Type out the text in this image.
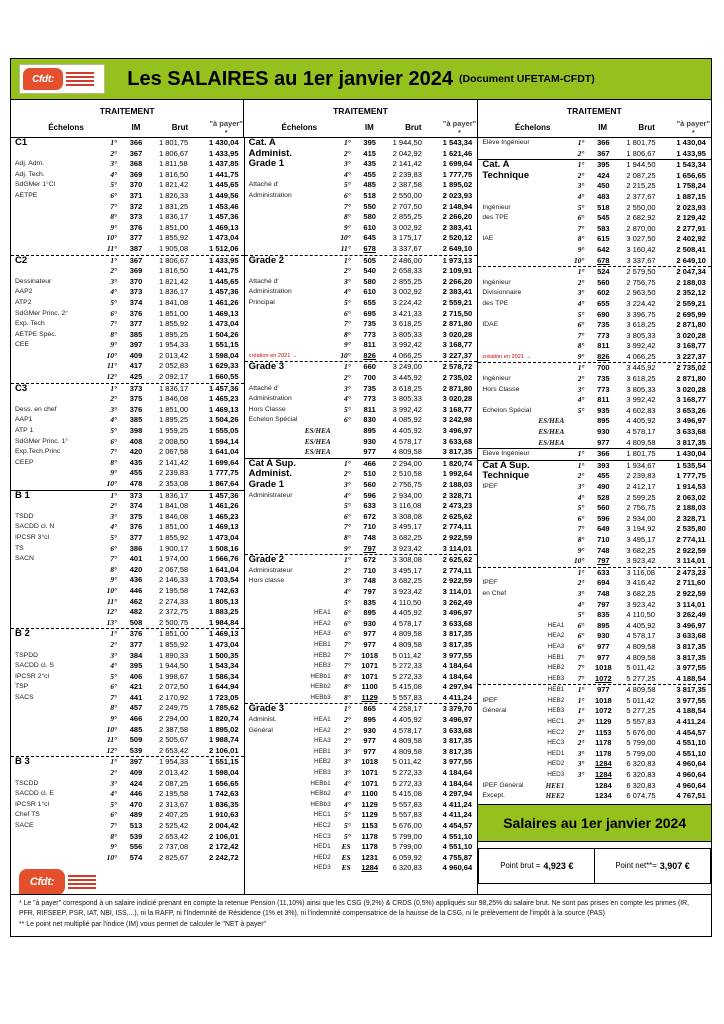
Cfdt:	Les SALAIRES au 1er janvier 2024 (Document UFETAM-CFDT)
TRAITEMENT
Échelons	IM	Brut	"à payer" *
TRAITEMENT
Échelons	IM	Brut	"à payer" *
TRAITEMENT
Échelons	IM	Brut	"à payer" *
C1	1°	366	1 801,75	1 430,04
2°	367	1 806,67	1 433,95
Adj. Adm.	3°	368	1 811,58	1 437,85
Adj. Tech.	4°	369	1 816,50	1 441,75
SdGMer 1°Cl	5°	370	1 821,42	1 445,65
AETPE	6°	371	1 826,33	1 449,56
7°	372	1 831,25	1 453,46
8°	373	1 836,17	1 457,36
9°	376	1 851,00	1 469,13
10°	377	1 855,92	1 473,04
11°	387	1 905,08	1 512,06
C2	1°	367	1 806,67	1 433,95
2°	369	1 816,50	1 441,75
Dessinateur	3°	370	1 821,42	1 445,65
AAP2	4°	373	1 836,17	1 457,36
ATP2	5°	374	1 841,08	1 461,26
SdGMer Princ. 2°	6°	376	1 851,00	1 469,13
Exp. Tech	7°	377	1 855,92	1 473,04
AETPE Spéc.	8°	385	1 895,25	1 504,26
CEE	9°	397	1 954,33	1 551,15
10°	409	2 013,42	1 598,04
11°	417	2 052,83	1 629,33
12°	425	2 092,17	1 660,55
C3	1°	373	1 836,17	1 457,36
2°	375	1 846,08	1 465,23
Dess. en chef	3°	376	1 851,00	1 469,13
AAP1	4°	385	1 895,25	1 504,26
ATP 1	5°	398	1 959,25	1 555,05
SdGMer Princ. 1°	6°	408	2 008,50	1 594,14
Exp.Tech.Princ	7°	420	2 067,58	1 641,04
CEEP	8°	435	2 141,42	1 699,64
9°	455	2 239,83	1 777,75
10°	478	2 353,08	1 867,64
B 1	1°	373	1 836,17	1 457,36
2°	374	1 841,08	1 461,26
TSDD	3°	375	1 846,08	1 465,23
SACDD cl. N	4°	376	1 851,00	1 469,13
IPCSR 3°cl	5°	377	1 855,92	1 473,04
TS	6°	386	1 900,17	1 508,16
SACN	7°	401	1 974,00	1 566,76
8°	420	2 067,58	1 641,04
9°	436	2 146,33	1 703,54
10°	446	2 195,58	1 742,63
11°	462	2 274,33	1 805,13
12°	482	2 372,75	1 883,25
13°	508	2 500,75	1 984,84
B 2	1°	376	1 851,00	1 469,13
2°	377	1 855,92	1 473,04
TSPDD	3°	384	1 890,33	1 500,35
SACDD cl. S	4°	395	1 944,50	1 543,34
IPCSR 2°cl	5°	406	1 998,67	1 586,34
TSP	6°	421	2 072,50	1 644,94
SACS	7°	441	2 170,92	1 723,05
8°	457	2 249,75	1 785,62
9°	466	2 294,00	1 820,74
10°	485	2 387,58	1 895,02
11°	509	2 505,67	1 988,74
12°	539	2 653,42	2 106,01
B 3	1°	397	1 954,33	1 551,15
2°	409	2 013,42	1 598,04
TSCDD	3°	424	2 087,25	1 656,65
SACDD cl. E	4°	446	2 195,58	1 742,63
IPCSR 1°cl	5°	470	2 313,67	1 836,35
Chef TS	6°	489	2 407,25	1 910,63
SACE	7°	513	2 525,42	2 004,42
8°	539	2 653,42	2 106,01
9°	556	2 737,08	2 172,42
10°	574	2 825,67	2 242,72
Cfdt:
Cat. A	1°	395	1 944,50	1 543,34
Administ.	2°	415	2 042,92	1 621,46
Grade 1	3°	435	2 141,42	1 699,64
4°	455	2 239,83	1 777,75
Attaché d'	5°	485	2 387,58	1 895,02
Administration	6°	518	2 550,00	2 023,93
7°	550	2 707,50	2 148,94
8°	580	2 855,25	2 266,20
9°	610	3 002,92	2 383,41
10°	645	3 175,17	2 520,12
11°	678	3 337,67	2 649,10
Grade 2	1°	505	2 486,00	1 973,13
2°	540	2 658,33	2 109,91
Attaché d'	3°	580	2 855,25	2 266,20
Administration	4°	610	3 002,92	2 383,41
Principal	5°	655	3 224,42	2 559,21
6°	695	3 421,33	2 715,50
7°	735	3 618,25	2 871,80
8°	773	3 805,33	3 020,28
9°	811	3 992,42	3 168,77
création en 2021 →	10°	826	4 066,25	3 227,37
Grade 3	1°	660	3 249,00	2 578,72
2°	700	3 445,92	2 735,02
Attaché d'	3°	735	3 618,25	2 871,80
Administration	4°	773	3 805,33	3 020,28
Hors Classe	5°	811	3 992,42	3 168,77
Echelon Spécial	6°	830	4 085,92	3 242,98
ES/HEA	895	4 405,92	3 496,97
ES/HEA	930	4 578,17	3 633,68
ES/HEA	977	4 809,58	3 817,35
Cat A Sup.	1°	466	2 294,00	1 820,74
Administ.	2°	510	2 510,58	1 992,64
Grade 1	3°	560	2 756,75	2 188,03
Administrateur	4°	596	2 934,00	2 328,71
5°	633	3 116,08	2 473,23
6°	672	3 308,08	2 625,62
7°	710	3 495,17	2 774,11
8°	748	3 682,25	2 922,59
9°	797	3 923,42	3 114,01
Grade 2	1°	672	3 308,08	2 625,62
Administrateur	2°	710	3 495,17	2 774,11
Hors classe	3°	748	3 682,25	2 922,59
4°	797	3 923,42	3 114,01
5°	835	4 110,50	3 262,49
HEA1	6°	895	4 405,92	3 496,97
HEA2	6°	930	4 578,17	3 633,68
HEA3	6°	977	4 809,58	3 817,35
HEB1	7°	977	4 809,58	3 817,35
HEB2	7°	1018	5 011,42	3 977,55
HEB3	7°	1071	5 272,33	4 184,64
HEBb1	8°	1071	5 272,33	4 184,64
HEBb2	8°	1100	5 415,08	4 297,94
HEBb3	8°	1129	5 557,83	4 411,24
Grade 3	1°	865	4 258,17	3 379,70
Administ.	HEA1	2°	895	4 405,92	3 496,97
Général	HEA2	2°	930	4 578,17	3 633,68
HEA3	2°	977	4 809,58	3 817,35
HEB1	3°	977	4 809,58	3 817,35
HEB2	3°	1018	5 011,42	3 977,55
HEB3	3°	1071	5 272,33	4 184,64
HEBb1	4°	1071	5 272,33	4 184,64
HEBb2	4°	1100	5 415,08	4 297,94
HEBb3	4°	1129	5 557,83	4 411,24
HEC1	5°	1129	5 557,83	4 411,24
HEC2	5°	1153	5 676,00	4 454,57
HEC3	5°	1178	5 799,00	4 551,10
HED1	ES	1178	5 799,00	4 551,10
HED2	ES	1231	6 059,92	4 755,87
HED3	ES	1284	6 320,83	4 960,64
Elève Ingénieur	1°	366	1 801,75	1 430,04
2°	367	1 806,67	1 433,95
Cat. A	1°	395	1 944,50	1 543,34
Technique	2°	424	2 087,25	1 656,65
3°	450	2 215,25	1 758,24
4°	483	2 377,67	1 887,15
Ingénieur	5°	518	2 550,00	2 023,93
des TPE	6°	545	2 682,92	2 129,42
7°	583	2 870,00	2 277,91
IAE	8°	615	3 027,50	2 402,92
9°	642	3 160,42	2 508,41
10°	678	3 337,67	2 649,10
1°	524	2 579,50	2 047,34
Ingénieur	2°	560	2 756,75	2 188,03
Divisionnaire	3°	602	2 963,50	2 352,12
des TPE	4°	655	3 224,42	2 559,21
5°	690	3 396,75	2 695,99
IDAE	6°	735	3 618,25	2 871,80
7°	773	3 805,33	3 020,28
8°	811	3 992,42	3 168,77
création en 2021 →	9°	826	4 066,25	3 227,37
1°	700	3 445,92	2 735,02
Ingénieur	2°	735	3 618,25	2 871,80
Hors Classe	3°	773	3 805,33	3 020,28
4°	811	3 992,42	3 168,77
Echelon Spécial	5°	935	4 602,83	3 653,26
ES/HEA	895	4 405,92	3 496,97
ES/HEA	930	4 578,17	3 633,68
ES/HEA	977	4 809,58	3 817,35
Elève Ingénieur	1°	366	1 801,75	1 430,04
Cat A Sup.	1°	393	1 934,67	1 535,54
Technique	2°	455	2 239,83	1 777,75
IPEF	3°	490	2 412,17	1 914,53
4°	528	2 599,25	2 063,02
5°	560	2 756,75	2 188,03
6°	596	2 934,00	2 328,71
7°	649	3 194,92	2 535,80
8°	710	3 495,17	2 774,11
9°	748	3 682,25	2 922,59
10°	797	3 923,42	3 114,01
1°	633	3 116,08	2 473,23
IPEF	2°	694	3 416,42	2 711,60
en Chef	3°	748	3 682,25	2 922,59
4°	797	3 923,42	3 114,01
5°	835	4 110,50	3 262,49
HEA1	6°	895	4 405,92	3 496,97
HEA2	6°	930	4 578,17	3 633,68
HEA3	6°	977	4 809,58	3 817,35
HEB1	7°	977	4 809,58	3 817,35
HEB2	7°	1018	5 011,42	3 977,55
HEB3	7°	1072	5 277,25	4 188,54
HEB1	1°	977	4 809,58	3 817,35
IPEF	HEB2	1°	1018	5 011,42	3 977,55
Général	HEB3	1°	1072	5 277,25	4 188,54
HEC1	2°	1129	5 557,83	4 411,24
HEC2	2°	1153	5 676,00	4 454,57
HEC3	2°	1178	5 799,00	4 551,10
HED1	3°	1178	5 799,00	4 551,10
HED2	3°	1284	6 320,83	4 960,64
HED3	3°	1284	6 320,83	4 960,64
IPEF Général	HEE1	1284	6 320,83	4 960,64
Except.	HEE2	1234	6 074,75	4 767,51
Salaires au 1er janvier 2024
Point brut = 4,923 €	Point net**= 3,907 €
* Le "à payer" correspond à un salaire indicié prenant en compte la retenue Pension (11,10%) ainsi que les CSG (9,2%) & CRDS (0,5%) appliqués sur 98,25% du salaire brut. Ne sont pas prises en compte les primes (IR, PFR, RIFSEEP, PSR, IAT, NBI, ISS,...), ni la RAFP, ni l'Indemnité de Résidence (1% et 3%), ni l'indemnité compensatrice de la hausse de la CSG, ni le prélèvement de l'impôt à la source (PAS)
** Le point net multiplié par l'indice (IM) vous permet de calculer le "NET à payer"
